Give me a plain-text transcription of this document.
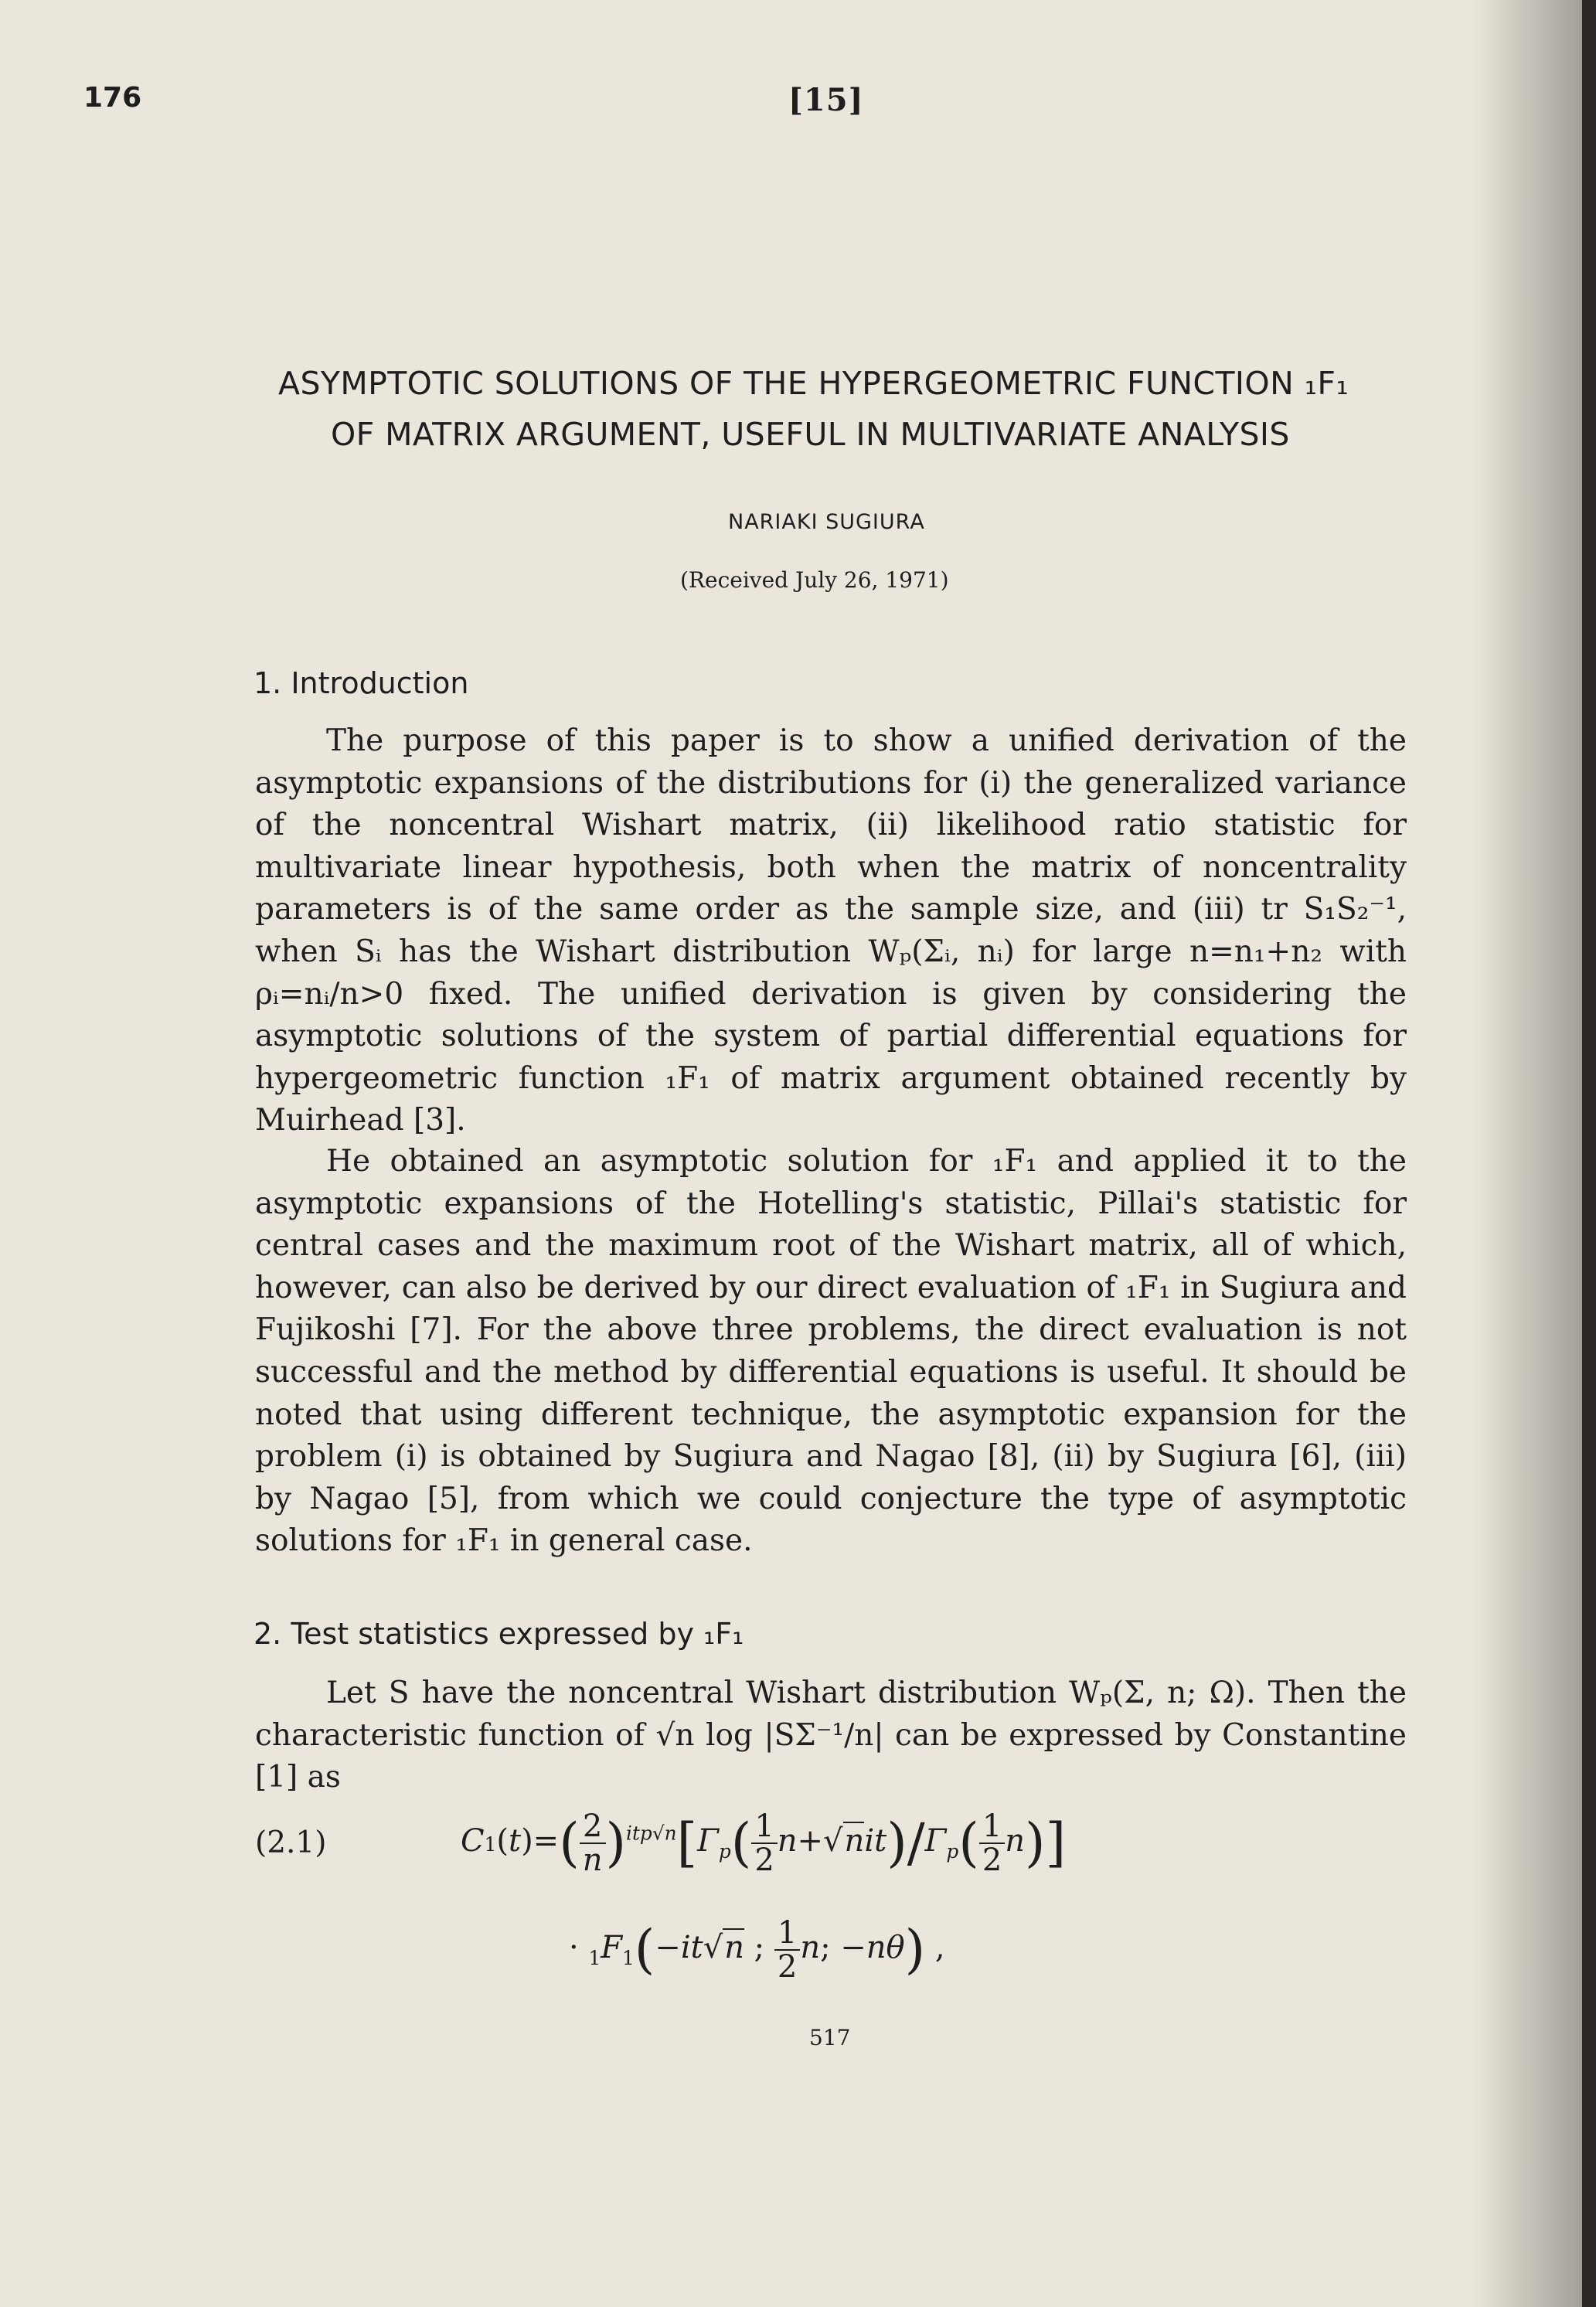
176	[15]
ASYMPTOTIC SOLUTIONS OF THE HYPERGEOMETRIC FUNCTION ₁F₁
OF MATRIX ARGUMENT, USEFUL IN MULTIVARIATE ANALYSIS
NARIAKI SUGIURA
(Received July 26, 1971)
1. Introduction
The purpose of this paper is to show a unified derivation of the asymptotic expansions of the distributions for (i) the generalized variance of the noncentral Wishart matrix, (ii) likelihood ratio statistic for multivariate linear hypothesis, both when the matrix of noncentrality parameters is of the same order as the sample size, and (iii) tr S₁S₂⁻¹, when Sᵢ has the Wishart distribution Wₚ(Σᵢ, nᵢ) for large n=n₁+n₂ with ρᵢ=nᵢ/n>0 fixed. The unified derivation is given by considering the asymptotic solutions of the system of partial differential equations for hypergeometric function ₁F₁ of matrix argument obtained recently by Muirhead [3].
He obtained an asymptotic solution for ₁F₁ and applied it to the asymptotic expansions of the Hotelling's statistic, Pillai's statistic for central cases and the maximum root of the Wishart matrix, all of which, however, can also be derived by our direct evaluation of ₁F₁ in Sugiura and Fujikoshi [7]. For the above three problems, the direct evaluation is not successful and the method by differential equations is useful. It should be noted that using different technique, the asymptotic expansion for the problem (i) is obtained by Sugiura and Nagao [8], (ii) by Sugiura [6], (iii) by Nagao [5], from which we could conjecture the type of asymptotic solutions for ₁F₁ in general case.
2. Test statistics expressed by ₁F₁
Let S have the noncentral Wishart distribution Wₚ(Σ, n; Ω). Then the characteristic function of √n log |SΣ⁻¹/n| can be expressed by Constantine [1] as
(2.1)	$C1(t)=( \frac{2}{n} )^{itp√n}[\Gamma_p( \frac{1}{2} n+√nit)/\Gamma_p( \frac{1}{2} n)]$
· $_1F_1(-it√n$ ; $\frac{1}{2} n$; −nθ) ,
517
